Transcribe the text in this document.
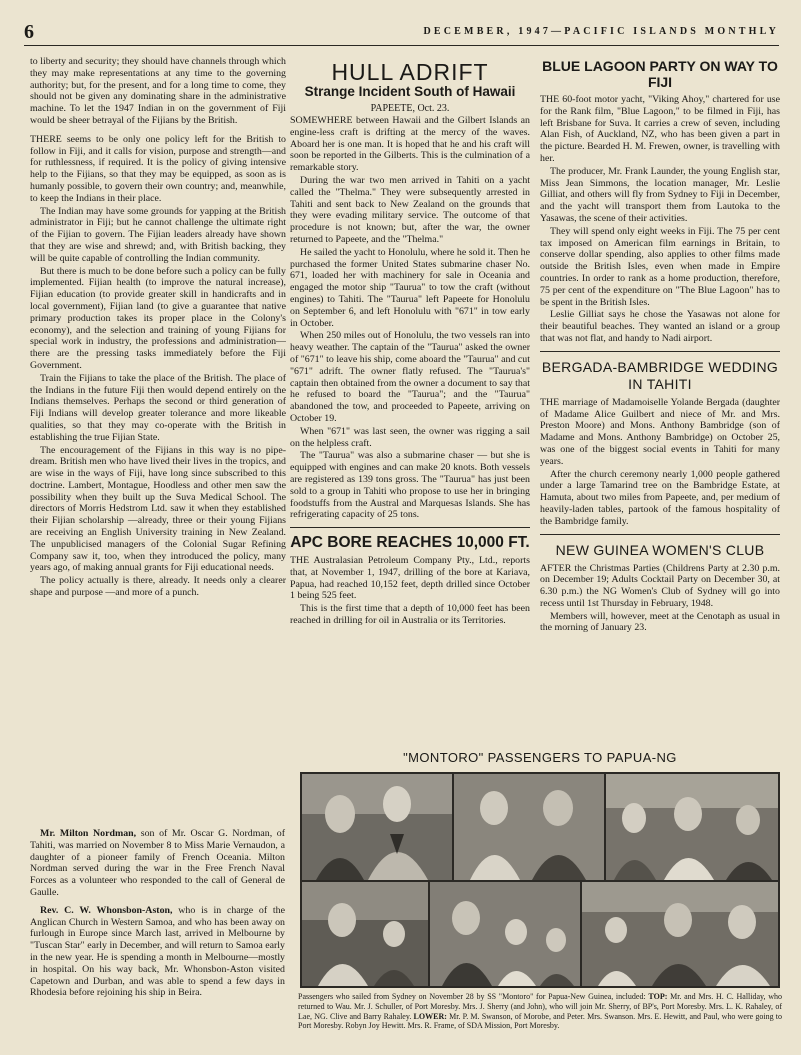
6	DECEMBER, 1947—PACIFIC ISLANDS MONTHLY

to liberty and security; they should have channels through which they may make representations at any time to the governing authority; but, for the present, and for a long time to come, they should not be given any dominating share in the administrative machine. To let the 1947 Indian in on the government of Fiji would be sheer betrayal of the Fijians by the British.

THERE seems to be only one policy left for the British to follow in Fiji, and it calls for vision, purpose and strength—and for ruthlessness, if required. It is the policy of giving intensive help to the Fijians, so that they may be equipped, as soon as is humanly possible, to govern their own country; and, meanwhile, to keep the Indians in their place.

The Indian may have some grounds for yapping at the British administrator in Fiji; but he cannot challenge the ultimate right of the Fijian to govern. The Fijian leaders already have shown that they are wise and shrewd; and, with British backing, they will be quite capable of controlling the Indian community.

But there is much to be done before such a policy can be fully implemented. Fijian health (to improve the natural increase), Fijian education (to provide greater skill in handicrafts and in local government), Fijian land (to give a guarantee that native primary production takes its proper place in the Colony's economy), and the selection and training of young Fijians for special work in industry, the professions and administration—there are the pressing tasks immediately before the Fiji Government.

Train the Fijians to take the place of the British. The place of the Indians in the future Fiji then would depend entirely on the Indians themselves. Perhaps the second or third generation of Fiji Indians will develop greater tolerance and more likeable qualities, so that they may co-operate with the British in establishing the true Fijian State.

The encouragement of the Fijians in this way is no pipe-dream. British men who have lived their lives in the tropics, and are wise in the ways of Fiji, have long since subscribed to this doctrine. Lambert, Montague, Hoodless and other men saw the possibility when they built up the Suva Medical School. The directors of Morris Hedstrom Ltd. saw it when they established their Fijian scholarship —already, three or their young Fijians are receiving an English University training in New Zealand. The unpublicised managers of the Colonial Sugar Refining Company saw it, too, when they introduced the policy, many years ago, of making annual grants for Fiji educational needs.

The policy actually is there, already. It needs only a clearer shape and purpose —and more of a punch.

Mr. Milton Nordman, son of Mr. Oscar G. Nordman, of Tahiti, was married on November 8 to Miss Marie Vernaudon, a daughter of a pioneer family of French Oceania. Milton Nordman served during the war in the Free French Naval Forces as a volunteer who responded to the call of General de Gaulle.

Rev. C. W. Whonsbon-Aston, who is in charge of the Anglican Church in Western Samoa, and who has been away on furlough in Europe since March last, arrived in Melbourne by "Tuscan Star" early in December, and will return to Samoa early in the new year. He is spending a month in Melbourne—mostly in hospital. On his way back, Mr. Whonsbon-Aston visited Capetown and Durban, and was able to spend a few days in Rhodesia before rejoining his ship in Beira.

HULL ADRIFT
Strange Incident South of Hawaii
PAPEETE, Oct. 23.

SOMEWHERE between Hawaii and the Gilbert Islands an engine-less craft is drifting at the mercy of the waves. Aboard her is one man. It is hoped that he and his craft will soon be reported in the Gilberts. This is the culmination of a remarkable story.

During the war two men arrived in Tahiti on a yacht called the "Thelma." They were subsequently arrested in Tahiti and sent back to New Zealand on the grounds that they were evading military service. The outcome of that procedure is not known; but, after the war, the owner returned to Papeete, and the "Thelma."

He sailed the yacht to Honolulu, where he sold it. Then he purchased the former United States submarine chaser No. 671, loaded her with machinery for sale in Oceania and engaged the motor ship "Taurua" to tow the craft (without engines) to Tahiti. The "Taurua" left Papeete for Honolulu on September 6, and left Honolulu with "671" in tow early in October.

When 250 miles out of Honolulu, the two vessels ran into heavy weather. The captain of the "Taurua" asked the owner of "671" to leave his ship, come aboard the "Taurua" and cut "671" adrift. The owner flatly refused. The "Taurua's" captain then obtained from the owner a document to say that he refused to board the "Taurua"; and the "Taurua" abandoned the tow, and proceeded to Papeete, arriving on October 19.

When "671" was last seen, the owner was rigging a sail on the helpless craft.

The "Taurua" was also a submarine chaser — but she is equipped with engines and can make 20 knots. Both vessels are registered as 139 tons gross. The "Taurua" has just been sold to a group in Tahiti who propose to use her in bringing foodstuffs from the Austral and Marquesas Islands. She has refrigerating capacity of 25 tons.

APC BORE REACHES 10,000 FT.

THE Australasian Petroleum Company Pty., Ltd., reports that, at November 1, 1947, drilling of the bore at Kariava, Papua, had reached 10,152 feet, depth drilled since October 1 being 525 feet.

This is the first time that a depth of 10,000 feet has been reached in drilling for oil in Australia or its Territories.

BLUE LAGOON PARTY ON WAY TO FIJI

THE 60-foot motor yacht, "Viking Ahoy," chartered for use for the Rank film, "Blue Lagoon," to be filmed in Fiji, has left Brisbane for Suva. It carries a crew of seven, including Alan Fish, of Auckland, NZ, who has been given a part in the picture. Bearded H. M. Frewen, owner, is travelling with her.

The producer, Mr. Frank Launder, the young English star, Miss Jean Simmons, the location manager, Mr. Leslie Gilliat, and others will fly from Sydney to Fiji in December, and the yacht will transport them from Lautoka to the Yasawas, the scene of their activities.

They will spend only eight weeks in Fiji. The 75 per cent tax imposed on American film earnings in Britain, to conserve dollar spending, also applies to other films made outside the British Isles, even when made in Empire countries. In order to rank as a home production, therefore, 75 per cent of the expenditure on "The Blue Lagoon" has to be spent in the British Isles.

Leslie Gilliat says he chose the Yasawas not alone for their beautiful beaches. They wanted an island or a group that was not flat, and handy to Nadi airport.

BERGADA-BAMBRIDGE WEDDING IN TAHITI

THE marriage of Madamoiselle Yolande Bergada (daughter of Madame Alice Guilbert and niece of Mr. and Mrs. Preston Moore) and Mons. Anthony Bambridge (son of Madame and Mons. Anthony Bambridge) on October 25, was one of the biggest social events in Tahiti for many years.

After the church ceremony nearly 1,000 people gathered under a large Tamarind tree on the Bambridge Estate, at Hamuta, about two miles from Papeete, and, per medium of heavily-laden tables, partook of the famous hospitality of the Bambridge family.

NEW GUINEA WOMEN'S CLUB

AFTER the Christmas Parties (Childrens Party at 2.30 p.m. on December 19; Adults Cocktail Party on December 30, at 6.30 p.m.) the NG Women's Club of Sydney will go into recess until 1st Thursday in February, 1948.

Members will, however, meet at the Cenotaph as usual in the morning of January 23.

"MONTORO" PASSENGERS TO PAPUA-NG
Passengers who sailed from Sydney on November 28 by SS "Montoro" for Papua-New Guinea, included: TOP: Mr. and Mrs. H. C. Halliday, who returned to Wau. Mr. J. Schuller, of Port Moresby. Mrs. J. Sherry (and John), who will join Mr. Sherry, of BP's, Port Moresby. Mrs. L. K. Rahaley, of Lae, NG. Clive and Barry Rahaley. LOWER: Mr. P. M. Swanson, of Morobe, and Peter. Mrs. Swanson. Mrs. E. Hewitt, and Paul, who were going to Port Moresby. Robyn Joy Hewitt. Mrs. R. Frame, of SDA Mission, Port Moresby.
